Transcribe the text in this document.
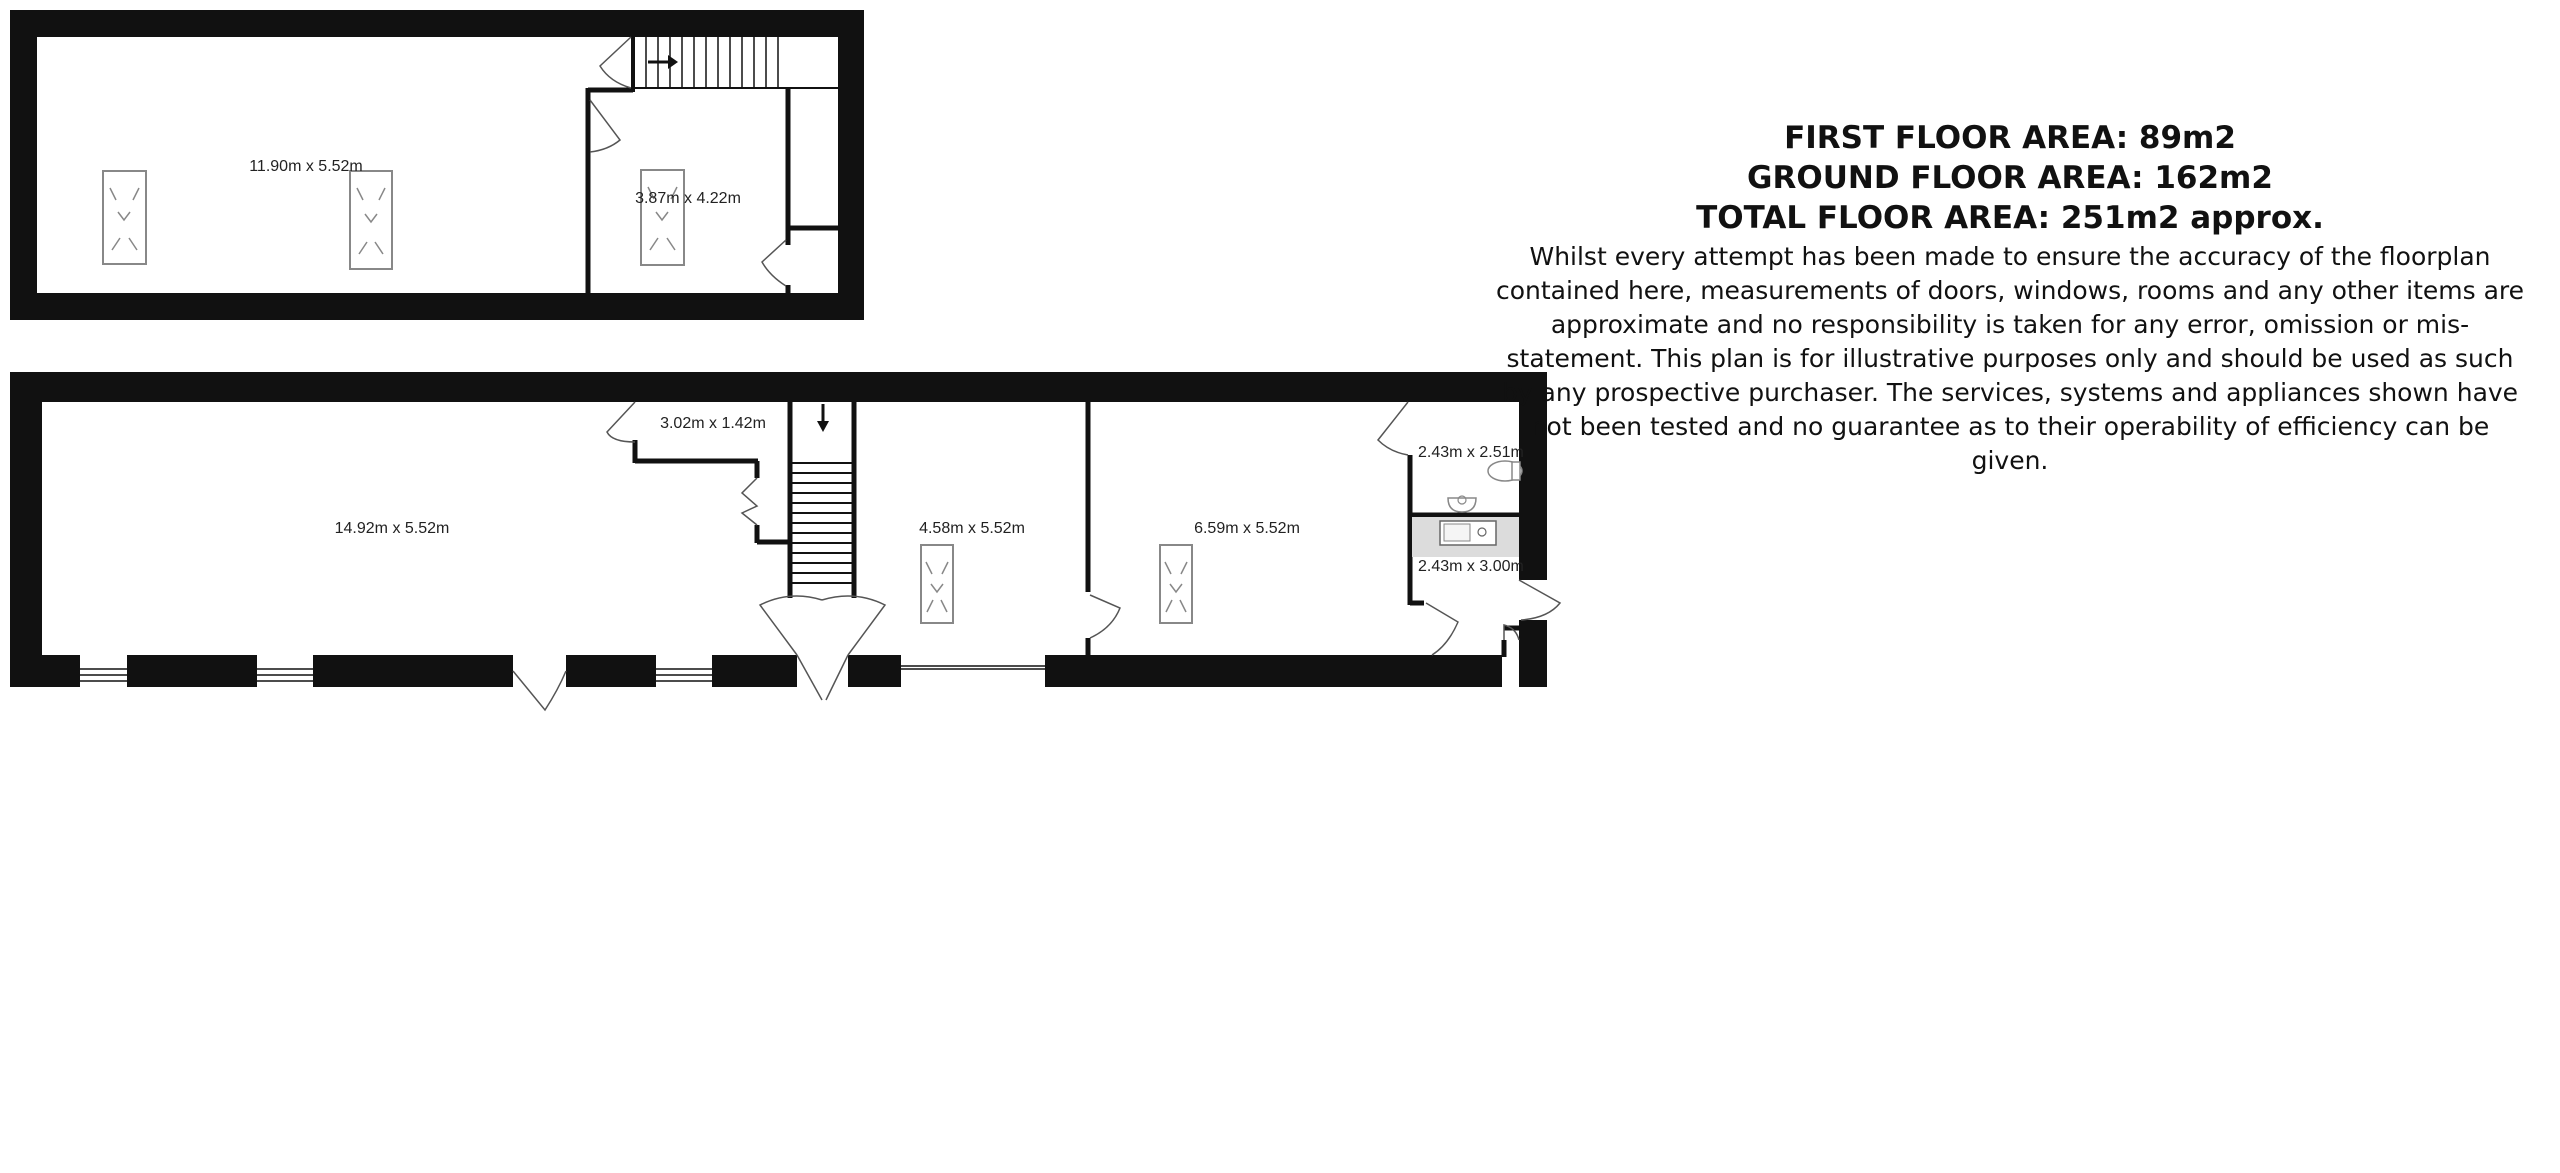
11.90m x 5.52m
3.87m x 4.22m
14.92m x 5.52m
3.02m x 1.42m
4.58m x 5.52m	6.59m x 5.52m
2.43m x 2.51m
2.43m x 3.00m
FIRST FLOOR AREA: 89m2
GROUND FLOOR AREA: 162m2
TOTAL FLOOR AREA: 251m2 approx.
Whilst every attempt has been made to ensure the accuracy of the floorplan contained here, measurements of doors, windows, rooms and any other items are approximate and no responsibility is taken for any error, omission or mis-statement. This plan is for illustrative purposes only and should be used as such by any prospective purchaser. The services, systems and appliances shown have not been tested and no guarantee as to their operability of efficiency can be given.
